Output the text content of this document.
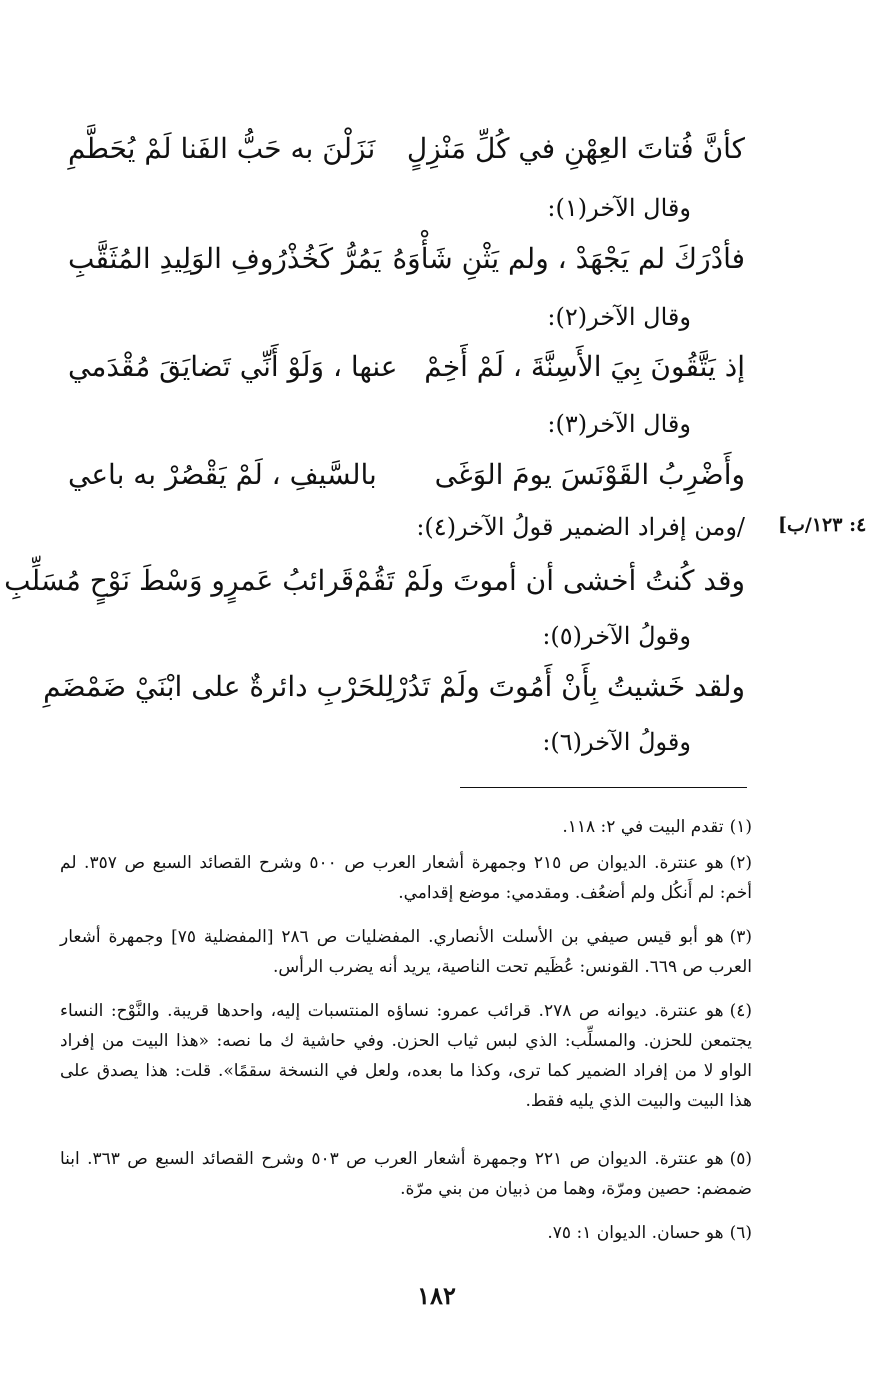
كأنَّ فُتاتَ العِهْنِ في كُلِّ مَنْزِلٍ
نَزَلْنَ به حَبُّ الفَنا لَمْ يُحَطَّمِ
وقال الآخر(١):
فأدْرَكَ لم يَجْهَدْ ، ولم يَثْنِ شَأْوَهُ
يَمُرُّ كَخُذْرُوفِ الوَلِيدِ المُثَقَّبِ
وقال الآخر(٢):
إذ يَتَّقُونَ بِيَ الأَسِنَّةَ ، لَمْ أَخِمْ
عنها ، وَلَوْ أَنِّي تَضايَقَ مُقْدَمي
وقال الآخر(٣):
وأَضْرِبُ القَوْنَسَ يومَ الوَغَى
بالسَّيفِ ، لَمْ يَقْصُرْ به باعي
/ومن إفراد الضمير قولُ الآخر(٤): ٤: ١٢٣/ب]
وقد كُنتُ أخشى أن أموتَ ولَمْ تَقُمْ
قَرائبُ عَمرٍو وَسْطَ نَوْحٍ مُسَلِّبِ
وقولُ الآخر(٥):
ولقد خَشيتُ بِأَنْ أَمُوتَ ولَمْ تَدُرْ
لِلحَرْبِ دائرةٌ على ابْنَيْ ضَمْضَمِ
وقولُ الآخر(٦):
(١)تقدم البيت في ٢: ١١٨.
(٢)هو عنترة. الديوان ص ٢١٥ وجمهرة أشعار العرب ص ٥٠٠ وشرح القصائد السبع ص ٣٥٧. لم أخم: لم أَنكُل ولم أضعُف. ومقدمي: موضع إقدامي.
(٣)هو أبو قيس صيفي بن الأسلت الأنصاري. المفضليات ص ٢٨٦ [المفضلية ٧٥] وجمهرة أشعار العرب ص ٦٦٩. القونس: عُظَيم تحت الناصية، يريد أنه يضرب الرأس.
(٤)هو عنترة. ديوانه ص ٢٧٨. قرائب عمرو: نساؤه المنتسبات إليه، واحدها قريبة. والنَّوْح: النساء يجتمعن للحزن. والمسلِّب: الذي لبس ثياب الحزن. وفي حاشية ك ما نصه: «هذا البيت من إفراد الواو لا من إفراد الضمير كما ترى، وكذا ما بعده، ولعل في النسخة سقمًا». قلت: هذا يصدق على هذا البيت والبيت الذي يليه فقط.
(٥)هو عنترة. الديوان ص ٢٢١ وجمهرة أشعار العرب ص ٥٠٣ وشرح القصائد السبع ص ٣٦٣. ابنا ضمضم: حصين ومرّة، وهما من ذبيان من بني مرّة.
(٦)هو حسان. الديوان ١: ٧٥.
١٨٢
